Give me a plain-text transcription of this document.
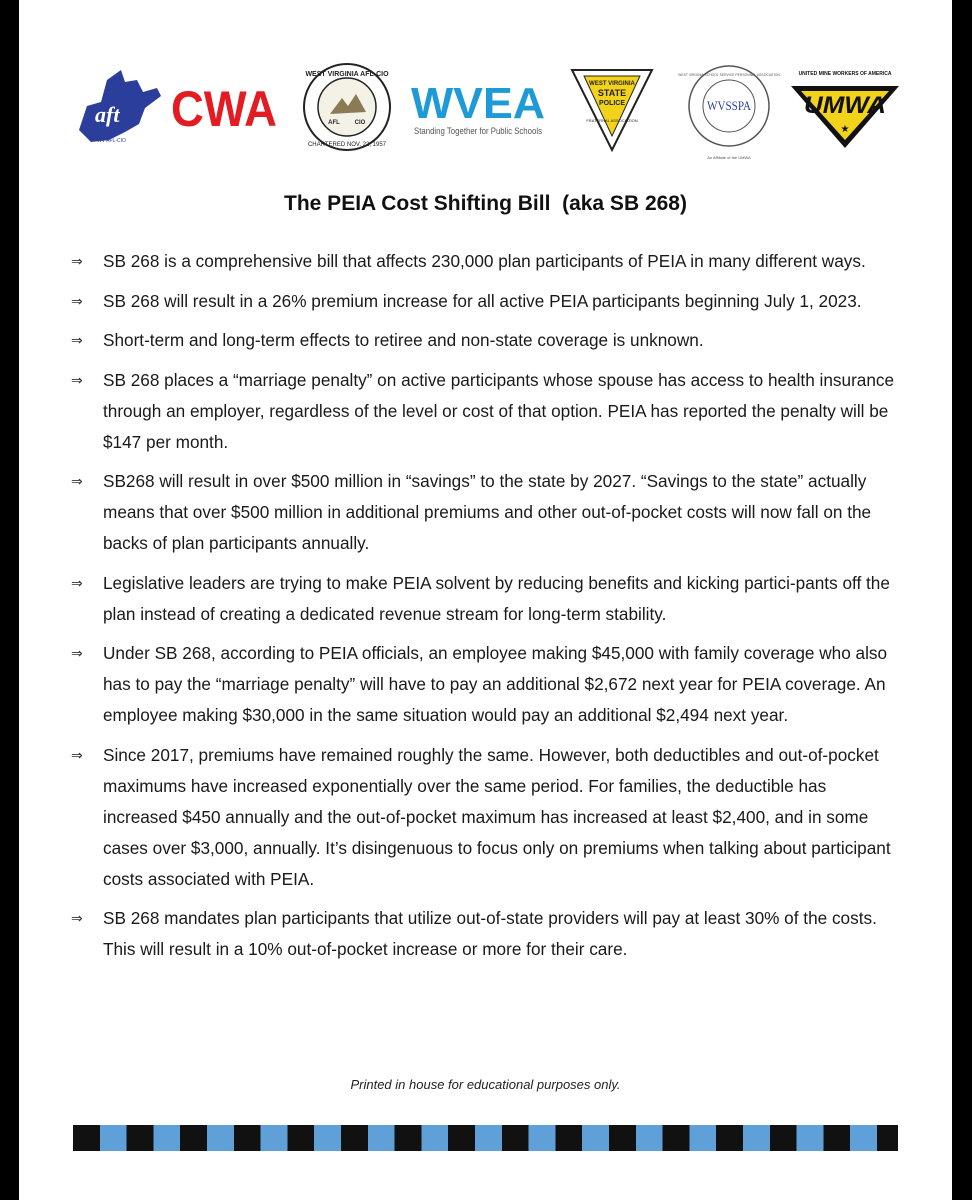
aft
WV AFL-CIO
CWA
WEST VIRGINIA AFL-CIO
CHARTERED NOV. 22, 1957
AFL CIO WVEA
Standing Together for Public Schools
WEST VIRGINIA
STATE
POLICE
FRATERNAL ASSOCIATION
WVSSPA
WEST VIRGINIA SCHOOL SERVICE PERSONNEL ASSOCIATION
An Affiliate of the UMWA
UNITED MINE WORKERS OF AMERICA
UMWA
★
The PEIA Cost Shifting Bill  (aka SB 268)
⇒ SB 268 is a comprehensive bill that affects 230,000 plan participants of PEIA in many different ways.
⇒ SB 268 will result in a 26% premium increase for all active PEIA participants beginning July 1, 2023.
⇒ Short-term and long-term effects to retiree and non-state coverage is unknown.
⇒ SB 268 places a “marriage penalty” on active participants whose spouse has access to health insurance through an employer, regardless of the level or cost of that option. PEIA has reported the penalty will be $147 per month.
⇒ SB268 will result in over $500 million in “savings” to the state by 2027. “Savings to the state” actually means that over $500 million in additional premiums and other out-of-pocket costs will now fall on the backs of plan participants annually.
⇒ Legislative leaders are trying to make PEIA solvent by reducing benefits and kicking partici-pants off the plan instead of creating a dedicated revenue stream for long-term stability.
⇒ Under SB 268, according to PEIA officials, an employee making $45,000 with family coverage who also has to pay the “marriage penalty” will have to pay an additional $2,672 next year for PEIA coverage. An employee making $30,000 in the same situation would pay an additional $2,494 next year.
⇒ Since 2017, premiums have remained roughly the same. However, both deductibles and out-of-pocket maximums have increased exponentially over the same period. For families, the deductible has increased $450 annually and the out-of-pocket maximum has increased at least $2,400, and in some cases over $3,000, annually. It’s disingenuous to focus only on premiums when talking about participant costs associated with PEIA.
⇒ SB 268 mandates plan participants that utilize out-of-state providers will pay at least 30% of the costs. This will result in a 10% out-of-pocket increase or more for their care.
Printed in house for educational purposes only.
